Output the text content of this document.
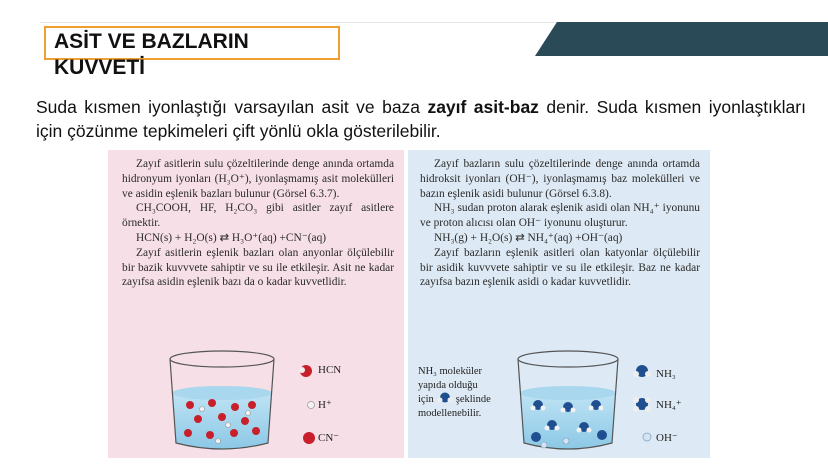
ASİT VE BAZLARIN
KUVVETİ
Suda kısmen iyonlaştığı varsayılan asit ve baza zayıf asit-baz denir. Suda kısmen iyonlaştıkları için çözünme tepkimeleri çift yönlü okla gösterilebilir.

Zayıf asitlerin sulu çözeltilerinde denge anında ortamda hidronyum iyonları (H₃O⁺), iyonlaşmamış asit molekülleri ve asidin eşlenik bazları bulunur (Görsel 6.3.7).

CH₃COOH, HF, H₂CO₃ gibi asitler zayıf asitlere örnektir.

HCN(s) + H₂O(s) ⇄ H₃O⁺(aq) +CN⁻(aq)

Zayıf asitlerin eşlenik bazları olan anyonlar ölçülebilir bir bazik kuvvvete sahiptir ve su ile etkileşir. Asit ne kadar zayıfsa asidin eşlenik bazı da o kadar kuvvetlidir.

HCN
H⁺
CN⁻

Zayıf bazların sulu çözeltilerinde denge anında ortamda hidroksit iyonları (OH⁻), iyonlaşmamış baz molekülleri ve bazın eşlenik asidi bulunur (Görsel 6.3.8).

NH₃ sudan proton alarak eşlenik asidi olan NH₄⁺ iyonunu ve proton alıcısı olan OH⁻ iyonunu oluşturur.

NH₃(g) + H₂O(s) ⇄ NH₄⁺(aq) +OH⁻(aq)

Zayıf bazların eşlenik asitleri olan katyonlar ölçülebilir bir asidik kuvvvete sahiptir ve su ile etkileşir. Baz ne kadar zayıfsa bazın eşlenik asidi o kadar kuvvetlidir.

NH₃ moleküler
yapıda olduğu
için şeklinde
modellenebilir.
NH₃
NH₄⁺
OH⁻
